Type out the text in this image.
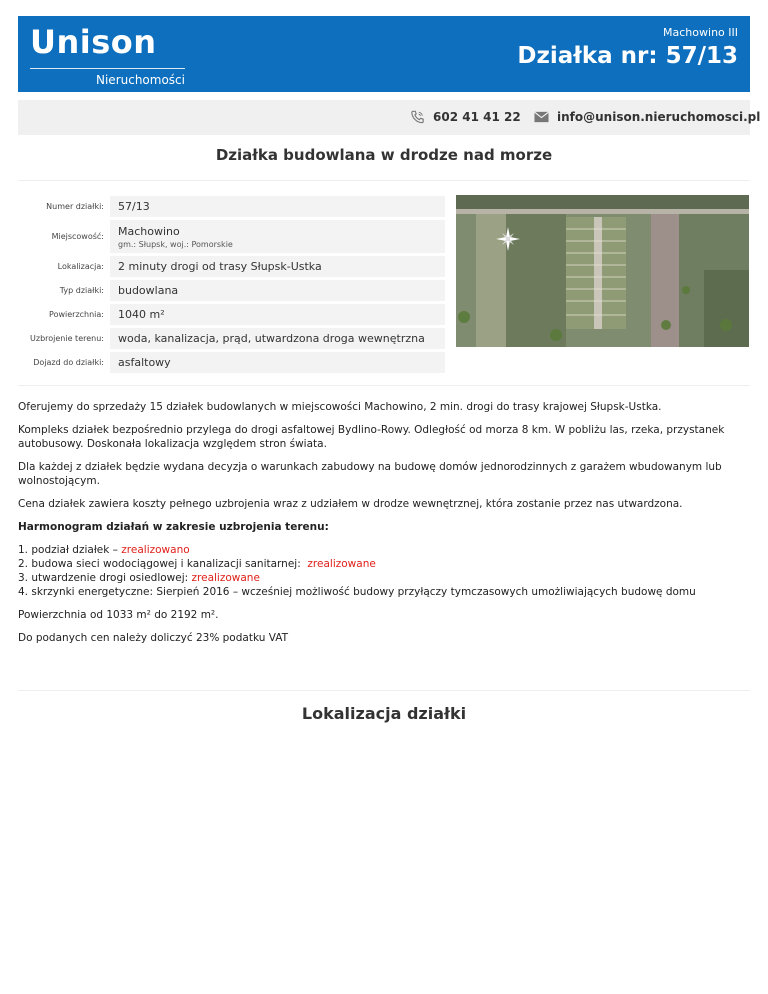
Unison
Nieruchomości
Machowino III
Działka nr: 57/13
602 41 41 22	info@unison.nieruchomosci.pl
Działka budowlana w drodze nad morze
Numer działki:	57/13
Miejscowość:	Machowino
gm.: Słupsk, woj.: Pomorskie
Lokalizacja:	2 minuty drogi od trasy Słupsk-Ustka
Typ działki:	budowlana
Powierzchnia:	1040 m²
Uzbrojenie terenu:	woda, kanalizacja, prąd, utwardzona droga wewnętrzna
Dojazd do działki:	asfaltowy

Oferujemy do sprzedaży 15 działek budowlanych w miejscowości Machowino, 2 min. drogi do trasy krajowej Słupsk-Ustka.

Kompleks działek bezpośrednio przylega do drogi asfaltowej Bydlino-Rowy. Odległość od morza 8 km. W pobliżu las, rzeka, przystanek autobusowy. Doskonała lokalizacja względem stron świata.

Dla każdej z działek będzie wydana decyzja o warunkach zabudowy na budowę domów jednorodzinnych z garażem wbudowanym lub wolnostojącym.

Cena działek zawiera koszty pełnego uzbrojenia wraz z udziałem w drodze wewnętrznej, która zostanie przez nas utwardzona.

Harmonogram działań w zakresie uzbrojenia terenu:

1. podział działek – zrealizowano
2. budowa sieci wodociągowej i kanalizacji sanitarnej:  zrealizowane
3. utwardzenie drogi osiedlowej: zrealizowane
4. skrzynki energetyczne: Sierpień 2016 – wcześniej możliwość budowy przyłączy tymczasowych umożliwiających budowę domu

Powierzchnia od 1033 m² do 2192 m².

Do podanych cen należy doliczyć 23% podatku VAT

Lokalizacja działki
